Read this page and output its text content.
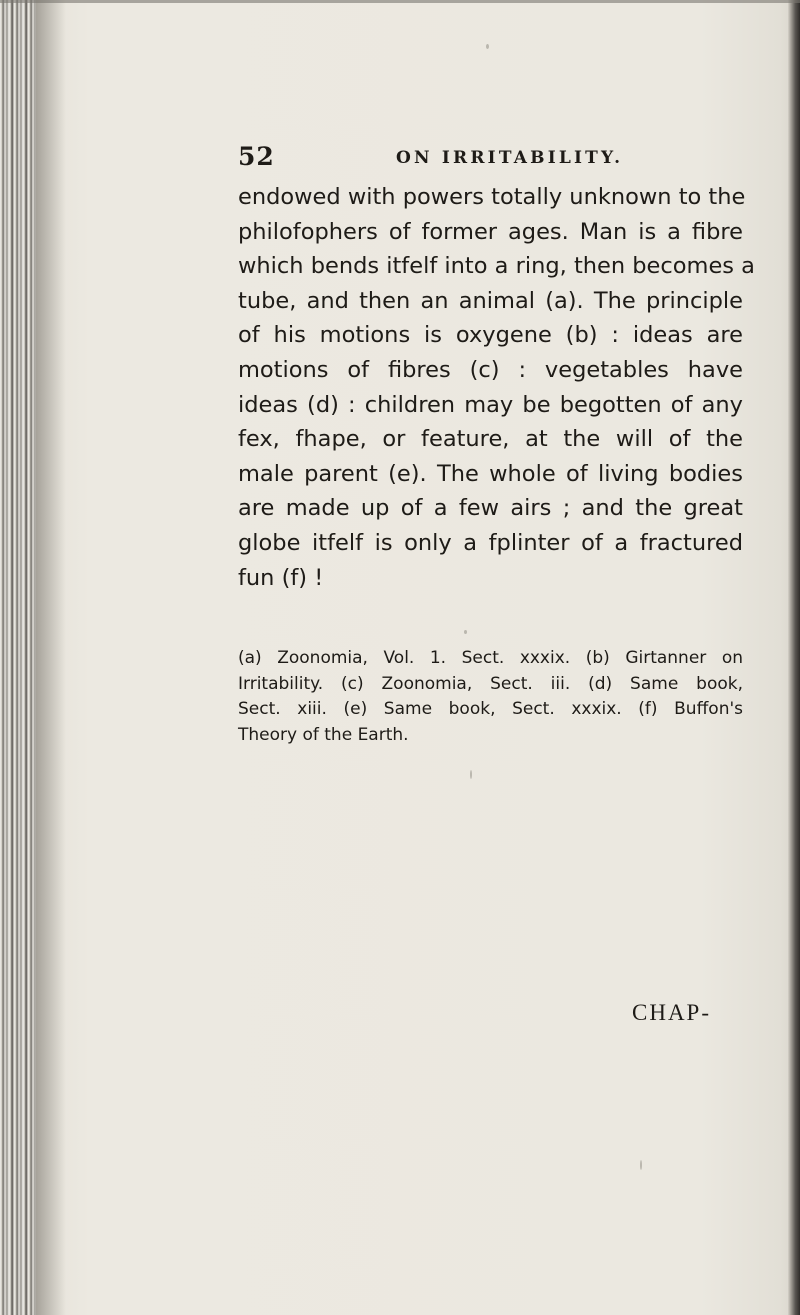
52	ON IRRITABILITY.
endowed with powers totally unknown to the
philofophers of former ages. Man is a fibre
which bends itfelf into a ring, then becomes a
tube, and then an animal (a). The principle
of his motions is oxygene (b) : ideas are
motions of fibres (c) : vegetables have
ideas (d) : children may be begotten of any
fex, fhape, or feature, at the will of the
male parent (e). The whole of living bodies
are made up of a few airs ; and the great
globe itfelf is only a fplinter of a fractured
fun (f) !
(a) Zoonomia, Vol. 1. Sect. xxxix. (b) Girtanner on
Irritability. (c) Zoonomia, Sect. iii. (d) Same book,
Sect. xiii. (e) Same book, Sect. xxxix. (f) Buffon's
Theory of the Earth.
CHAP-
